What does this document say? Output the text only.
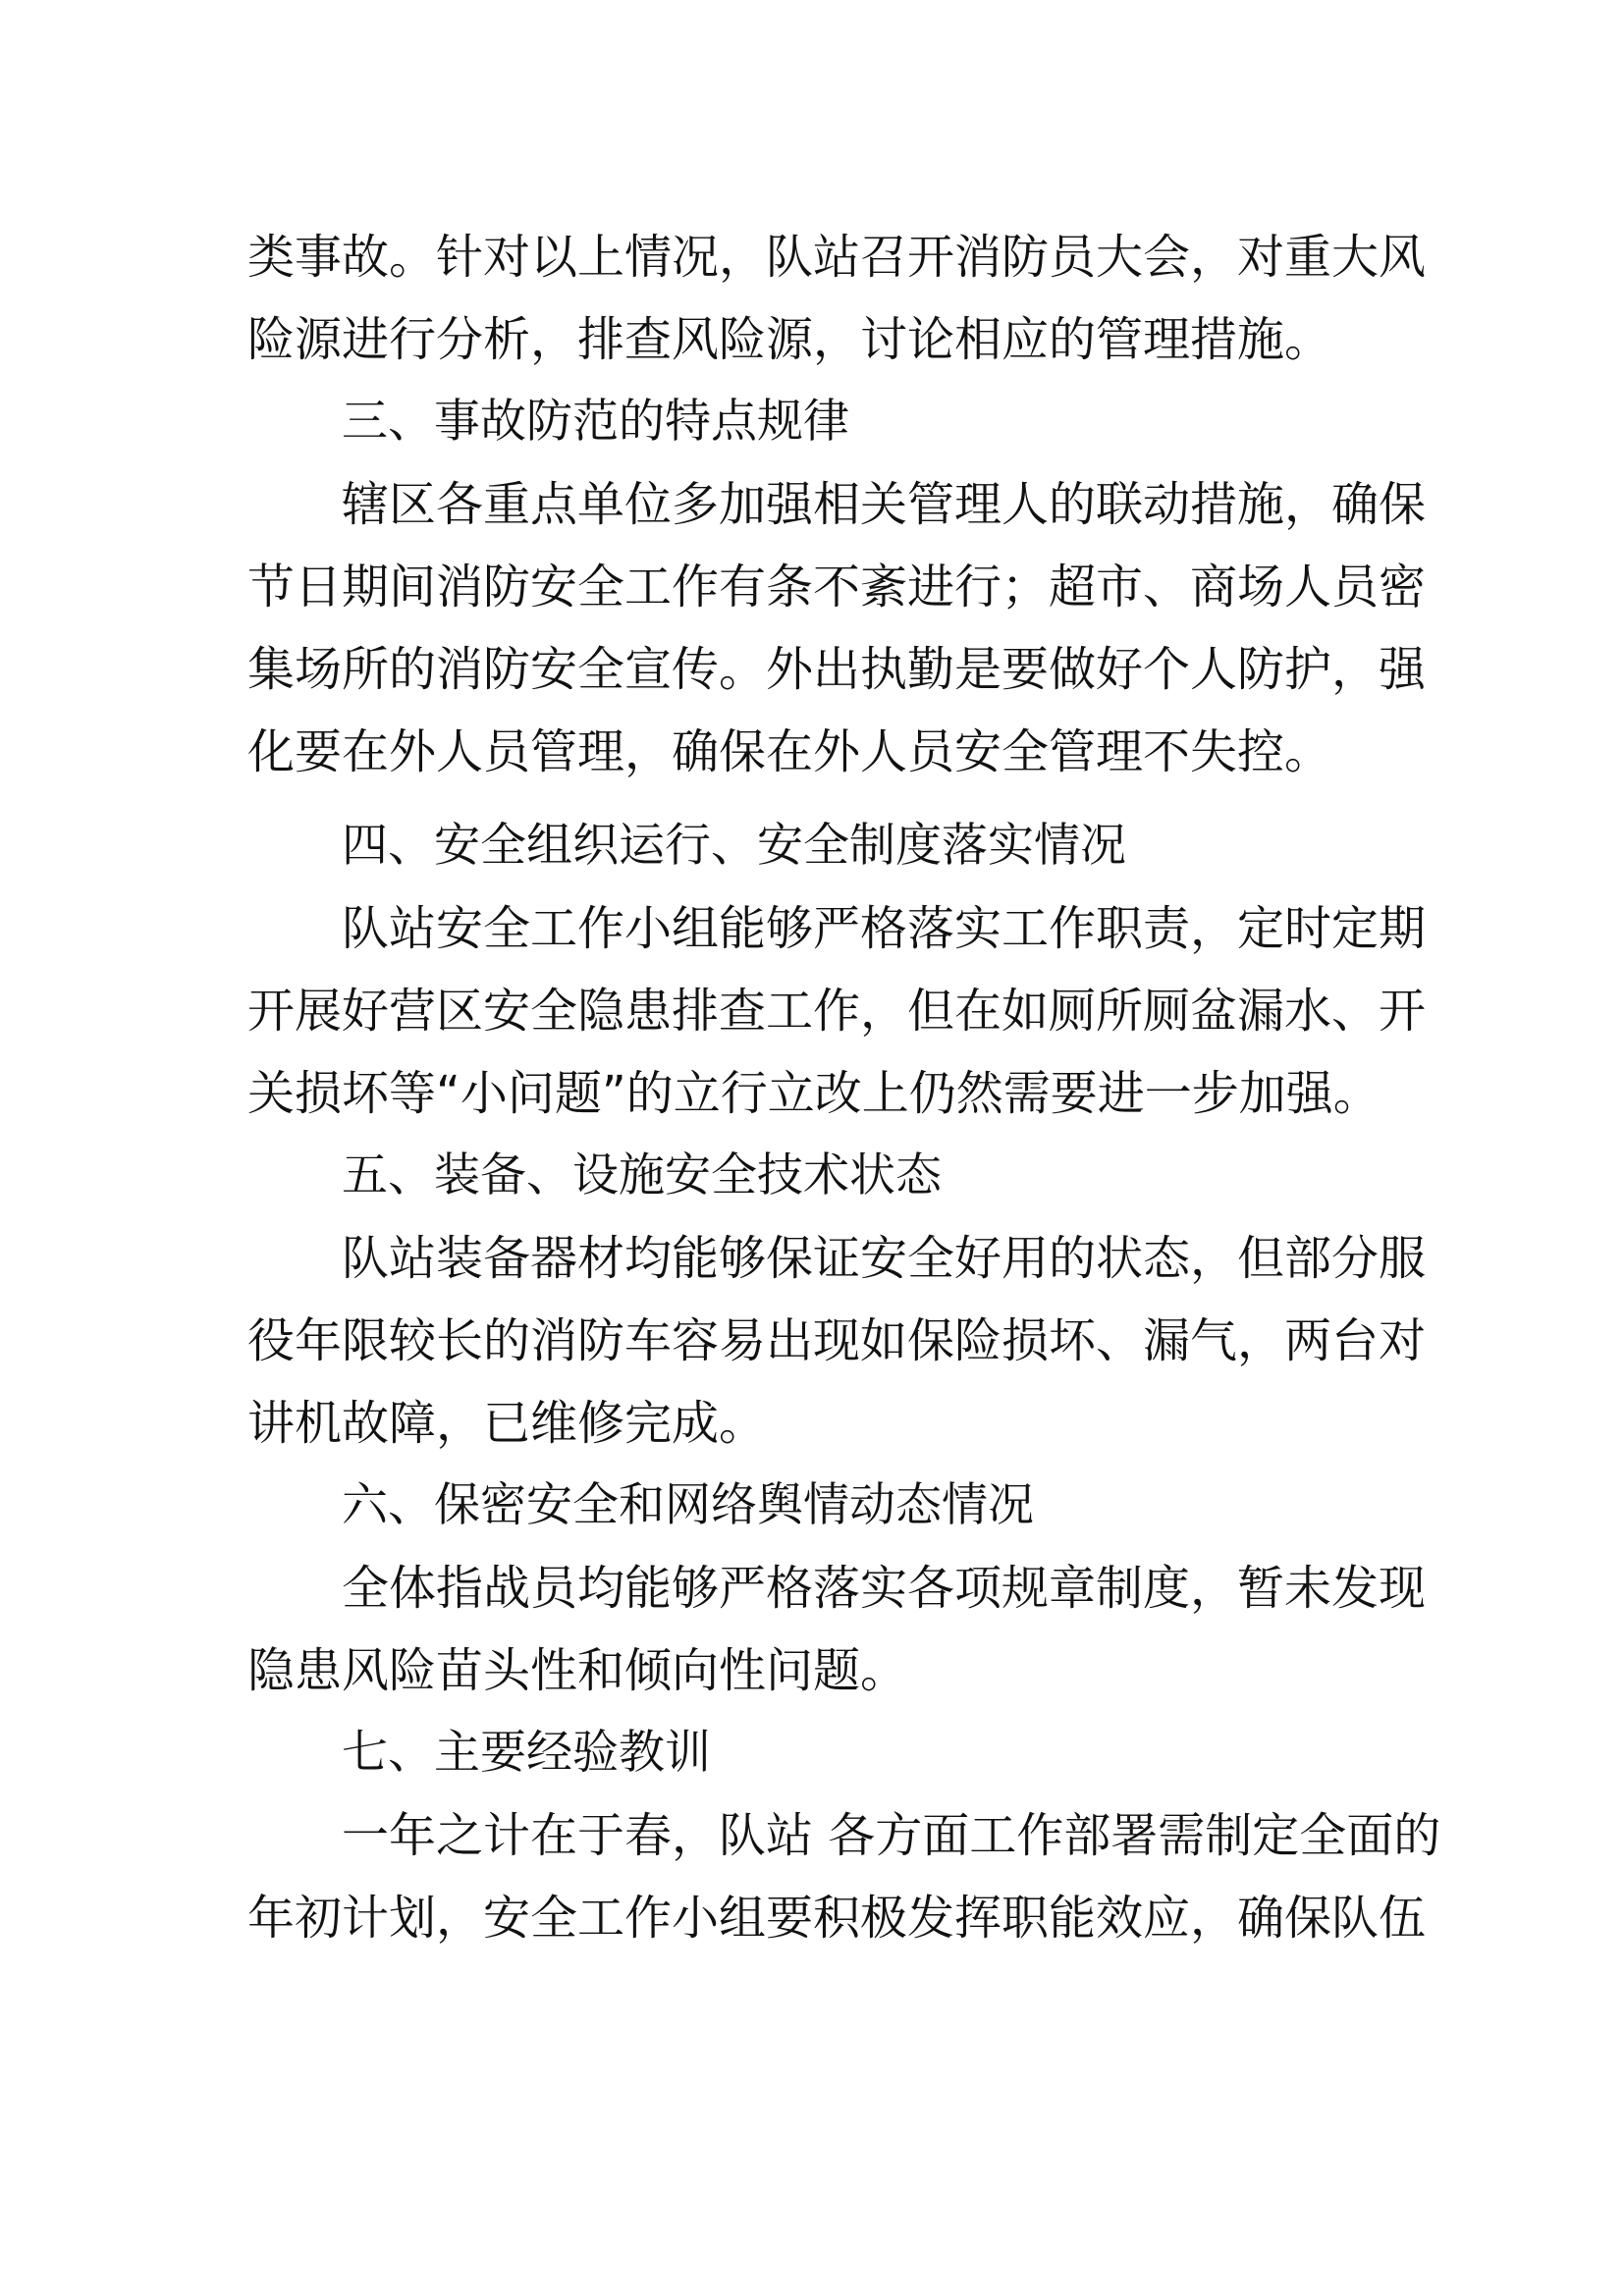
类事故。针对以上情况，队站召开消防员大会，对重大风
险源进行分析，排查风险源，讨论相应的管理措施。
三、事故防范的特点规律
辖区各重点单位多加强相关管理人的联动措施，确保
节日期间消防安全工作有条不紊进行；超市、商场人员密
集场所的消防安全宣传。外出执勤是要做好个人防护，强
化要在外人员管理，确保在外人员安全管理不失控。
四、安全组织运行、安全制度落实情况
队站安全工作小组能够严格落实工作职责，定时定期
开展好营区安全隐患排查工作，但在如厕所厕盆漏水、开
关损坏等“小问题”的立行立改上仍然需要进一步加强。
五、装备、设施安全技术状态
队站装备器材均能够保证安全好用的状态，但部分服
役年限较长的消防车容易出现如保险损坏、漏气，两台对
讲机故障，已维修完成。
六、保密安全和网络舆情动态情况
全体指战员均能够严格落实各项规章制度，暂未发现
隐患风险苗头性和倾向性问题。
七、主要经验教训
一年之计在于春，队站 各方面工作部署需制定全面的
年初计划，安全工作小组要积极发挥职能效应，确保队伍
